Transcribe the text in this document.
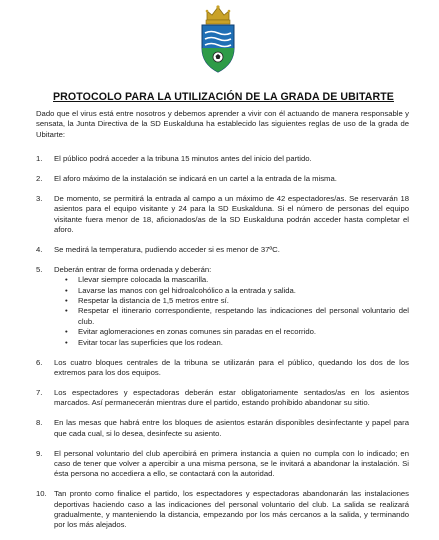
PROTOCOLO PARA LA UTILIZACIÓN DE LA GRADA DE UBITARTE

Dado que el virus está entre nosotros y debemos aprender a vivir con él actuando de manera responsable y sensata, la Junta Directiva de la SD Euskalduna ha establecido las siguientes reglas de uso de la grada de Ubitarte:

1. El público podrá acceder a la tribuna 15 minutos antes del inicio del partido.
2. El aforo máximo de la instalación se indicará en un cartel a la entrada de la misma.
3. De momento, se permitirá la entrada al campo a un máximo de 42 espectadores/as. Se reservarán 18 asientos para el equipo visitante y 24 para la SD Euskalduna. Si el número de personas del equipo visitante fuera menor de 18, aficionados/as de la SD Euskalduna podrán acceder hasta completar el aforo.
4. Se medirá la temperatura, pudiendo acceder si es menor de 37ºC.
5. Deberán entrar de forma ordenada y deberán:
• Llevar siempre colocada la mascarilla.
• Lavarse las manos con gel hidroalcohólico a la entrada y salida.
• Respetar la distancia de 1,5 metros entre sí.
• Respetar el itinerario correspondiente, respetando las indicaciones del personal voluntario del club.
• Evitar aglomeraciones en zonas comunes sin paradas en el recorrido.
• Evitar tocar las superficies que los rodean.
6. Los cuatro bloques centrales de la tribuna se utilizarán para el público, quedando los dos de los extremos para los dos equipos.
7. Los espectadores y espectadoras deberán estar obligatoriamente sentados/as en los asientos marcados. Así permanecerán mientras dure el partido, estando prohibido abandonar su sitio.
8. En las mesas que habrá entre los bloques de asientos estarán disponibles desinfectante y papel para que cada cual, si lo desea, desinfecte su asiento.
9. El personal voluntario del club apercibirá en primera instancia a quien no cumpla con lo indicado; en caso de tener que volver a apercibir a una misma persona, se le invitará a abandonar la instalación. Si ésta persona no accediera a ello, se contactará con la autoridad.
10. Tan pronto como finalice el partido, los espectadores y espectadoras abandonarán las instalaciones deportivas haciendo caso a las indicaciones del personal voluntario del club. La salida se realizará gradualmente, y manteniendo la distancia, empezando por los más cercanos a la salida, y terminando por los más alejados.
